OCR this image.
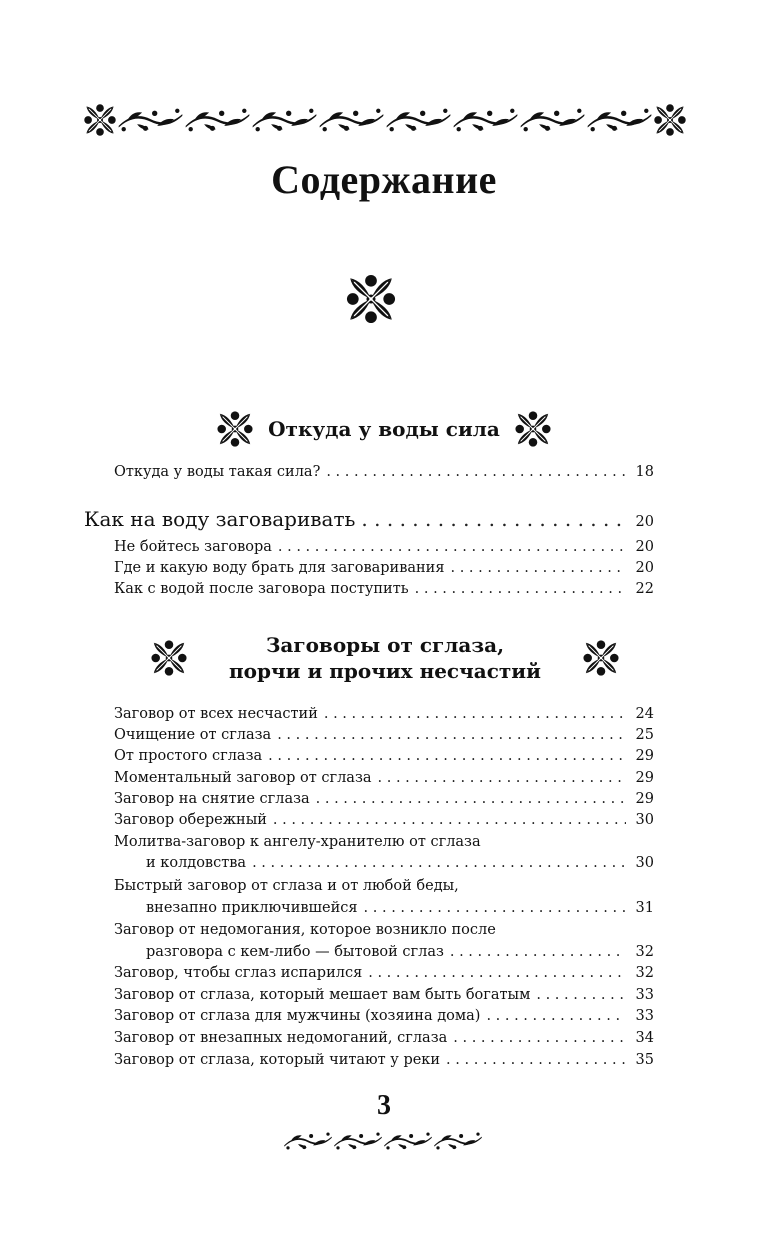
Содержание
Откуда у воды сила
Откуда у воды такая сила? . . .	18
Как на воду заговаривать . . .	20
Не бойтесь заговора . . .	20
Где и какую воду брать для заговаривания . . .	20
Как с водой после заговора поступить . . .	22
Заговоры от сглаза,
порчи и прочих несчастий
Заговор от всех несчастий . . .	24
Очищение от сглаза . . .	25
От простого сглаза . . .	29
Моментальный заговор от сглаза . . .	29
Заговор на снятие сглаза . . .	29
Заговор обережный . . .	30
Молитва-заговор к ангелу-хранителю от сглаза
и колдовства . . .	30
Быстрый заговор от сглаза и от любой беды,
внезапно приключившейся . . .	31
Заговор от недомогания, которое возникло после
разговора с кем-либо — бытовой сглаз . . .	32
Заговор, чтобы сглаз испарился . . .	32
Заговор от сглаза, который мешает вам быть богатым . . .	33
Заговор от сглаза для мужчины (хозяина дома) . . .	33
Заговор от внезапных недомоганий, сглаза . . .	34
Заговор от сглаза, который читают у реки . . .	35
3
